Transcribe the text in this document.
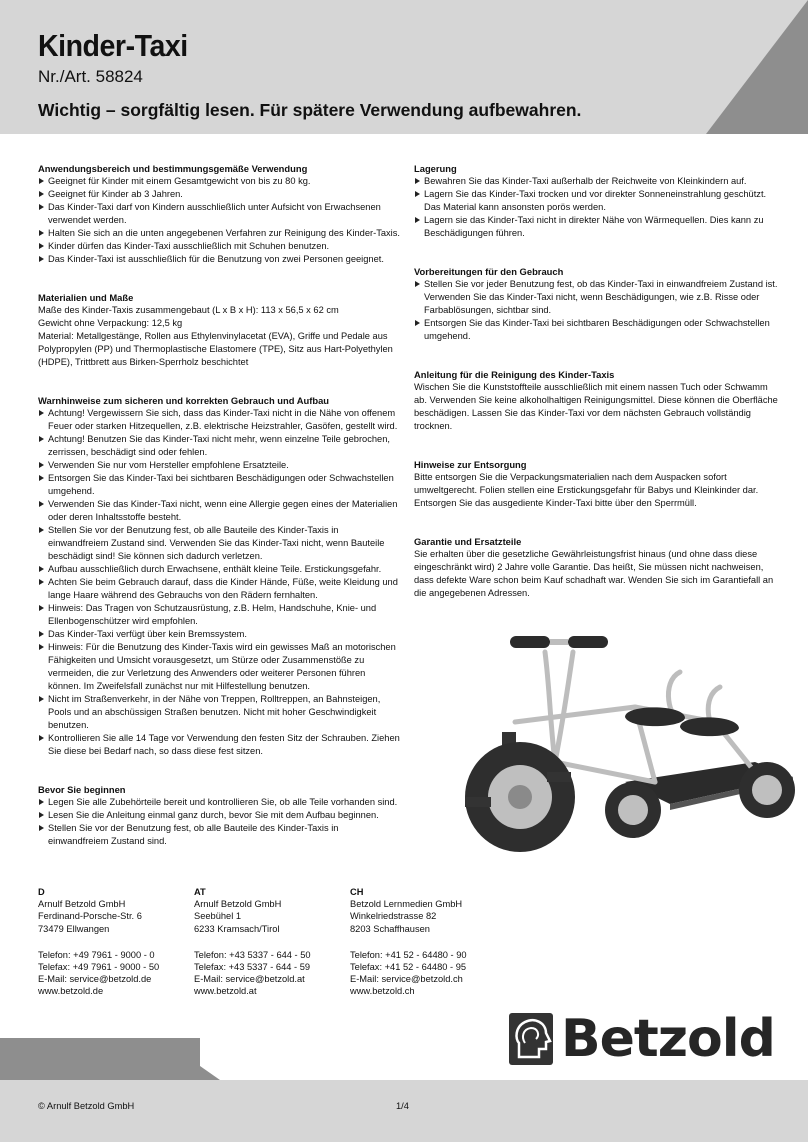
Kinder-Taxi
Nr./Art. 58824
Wichtig – sorgfältig lesen. Für spätere Verwendung aufbewahren.
Anwendungsbereich und bestimmungsgemäße Verwendung
Geeignet für Kinder mit einem Gesamtgewicht von bis zu 80 kg.
Geeignet für Kinder ab 3 Jahren.
Das Kinder-Taxi darf von Kindern ausschließlich unter Aufsicht von Erwachsenen verwendet werden.
Halten Sie sich an die unten angegebenen Verfahren zur Reinigung des Kinder-Taxis.
Kinder dürfen das Kinder-Taxi ausschließlich mit Schuhen benutzen.
Das Kinder-Taxi ist ausschließlich für die Benutzung von zwei Personen geeignet.
Materialien und Maße

Maße des Kinder-Taxis zusammengebaut (L x B x H): 113 x 56,5 x 62 cm

Gewicht ohne Verpackung: 12,5 kg

Material: Metallgestänge, Rollen aus Ethylenvinylacetat (EVA), Griffe und Pedale aus Polypropylen (PP) und Thermoplastische Elastomere (TPE), Sitz aus Hart-Polyethylen (HDPE), Trittbrett aus Birken-Sperrholz beschichtet

Warnhinweise zum sicheren und korrekten Gebrauch und Aufbau
Achtung! Vergewissern Sie sich, dass das Kinder-Taxi nicht in die Nähe von offenem Feuer oder starken Hitzequellen, z.B. elektrische Heizstrahler, Gasöfen, gestellt wird.
Achtung! Benutzen Sie das Kinder-Taxi nicht mehr, wenn einzelne Teile gebrochen, zerrissen, beschädigt sind oder fehlen.
Verwenden Sie nur vom Hersteller empfohlene Ersatzteile.
Entsorgen Sie das Kinder-Taxi bei sichtbaren Beschädigungen oder Schwachstellen umgehend.
Verwenden Sie das Kinder-Taxi nicht, wenn eine Allergie gegen eines der Materialien oder deren Inhaltsstoffe besteht.
Stellen Sie vor der Benutzung fest, ob alle Bauteile des Kinder-Taxis in einwandfreiem Zustand sind. Verwenden Sie das Kinder-Taxi nicht, wenn Bauteile beschädigt sind! Sie können sich dadurch verletzen.
Aufbau ausschließlich durch Erwachsene, enthält kleine Teile. Erstickungsgefahr.
Achten Sie beim Gebrauch darauf, dass die Kinder Hände, Füße, weite Kleidung und lange Haare während des Gebrauchs von den Rädern fernhalten.
Hinweis: Das Tragen von Schutzausrüstung, z.B. Helm, Handschuhe, Knie- und Ellenbogenschützer wird empfohlen.
Das Kinder-Taxi verfügt über kein Bremssystem.
Hinweis: Für die Benutzung des Kinder-Taxis wird ein gewisses Maß an motorischen Fähigkeiten und Umsicht vorausgesetzt, um Stürze oder Zusammenstöße zu vermeiden, die zur Verletzung des Anwenders oder weiterer Personen führen können. Im Zweifelsfall zunächst nur mit Hilfestellung benutzen.
Nicht im Straßenverkehr, in der Nähe von Treppen, Rolltreppen, an Bahnsteigen, Pools und an abschüssigen Straßen benutzen. Nicht mit hoher Geschwindigkeit benutzen.
Kontrollieren Sie alle 14 Tage vor Verwendung den festen Sitz der Schrauben. Ziehen Sie diese bei Bedarf nach, so dass diese fest sitzen.
Bevor Sie beginnen
Legen Sie alle Zubehörteile bereit und kontrollieren Sie, ob alle Teile vorhanden sind.
Lesen Sie die Anleitung einmal ganz durch, bevor Sie mit dem Aufbau beginnen.
Stellen Sie vor der Benutzung fest, ob alle Bauteile des Kinder-Taxis in einwandfreiem Zustand sind.
Lagerung
Bewahren Sie das Kinder-Taxi außerhalb der Reichweite von Kleinkindern auf.
Lagern Sie das Kinder-Taxi trocken und vor direkter Sonneneinstrahlung geschützt. Das Material kann ansonsten porös werden.
Lagern sie das Kinder-Taxi nicht in direkter Nähe von Wärmequellen. Dies kann zu Beschädigungen führen.
Vorbereitungen für den Gebrauch
Stellen Sie vor jeder Benutzung fest, ob das Kinder-Taxi in einwandfreiem Zustand ist. Verwenden Sie das Kinder-Taxi nicht, wenn Beschädigungen, wie z.B. Risse oder Farbablösungen, sichtbar sind.
Entsorgen Sie das Kinder-Taxi bei sichtbaren Beschädigungen oder Schwachstellen umgehend.
Anleitung für die Reinigung des Kinder-Taxis

Wischen Sie die Kunststoffteile ausschließlich mit einem nassen Tuch oder Schwamm ab. Verwenden Sie keine alkoholhaltigen Reinigungsmittel. Diese können die Oberfläche beschädigen. Lassen Sie das Kinder-Taxi vor dem nächsten Gebrauch vollständig trocknen.

Hinweise zur Entsorgung

Bitte entsorgen Sie die Verpackungsmaterialien nach dem Auspacken sofort umweltgerecht. Folien stellen eine Erstickungsgefahr für Babys und Kleinkinder dar. Entsorgen Sie das ausgediente Kinder-Taxi bitte über den Sperrmüll.

Garantie und Ersatzteile

Sie erhalten über die gesetzliche Gewährleistungsfrist hinaus (und ohne dass diese eingeschränkt wird) 2 Jahre volle Garantie. Das heißt, Sie müssen nicht nachweisen, dass defekte Ware schon beim Kauf schadhaft war. Wenden Sie sich im Garantiefall an die angegebenen Adressen.

D
Arnulf Betzold GmbH
Ferdinand-Porsche-Str. 6
73479 Ellwangen
Telefon: +49 7961 - 9000 - 0
Telefax: +49 7961 - 9000 - 50
E-Mail: service@betzold.de
www.betzold.de
AT
Arnulf Betzold GmbH
Seebühel 1
6233 Kramsach/Tirol
Telefon: +43 5337 - 644 - 50
Telefax: +43 5337 - 644 - 59
E-Mail: service@betzold.at
www.betzold.at
CH
Betzold Lernmedien GmbH
Winkelriedstrasse 82
8203 Schaffhausen
Telefon: +41 52 - 64480 - 90
Telefax: +41 52 - 64480 - 95
E-Mail: service@betzold.ch
www.betzold.ch
Betzold
© Arnulf Betzold GmbH	1/4
